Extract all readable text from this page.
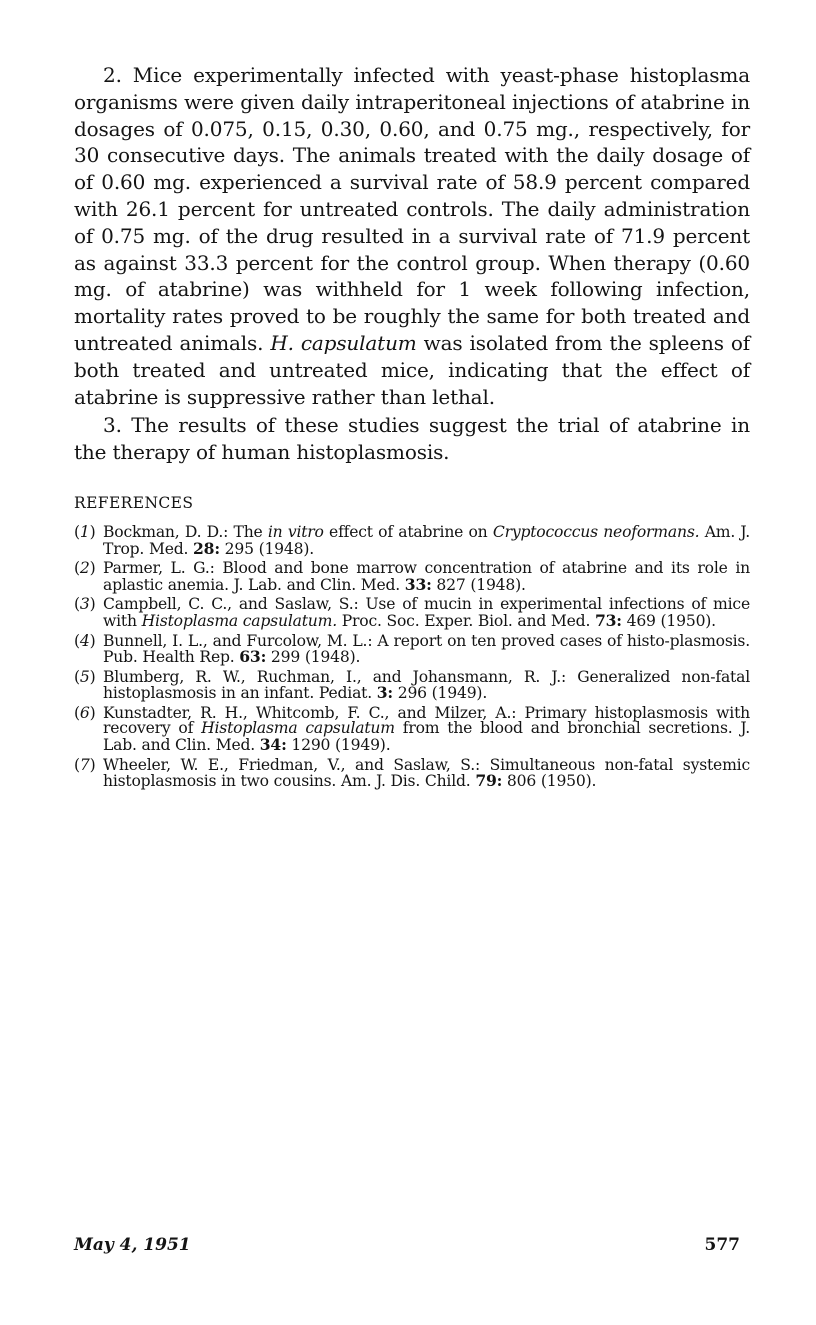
2. Mice experimentally infected with yeast-phase histoplasma organisms were given daily intraperitoneal injections of atabrine in dosages of 0.075, 0.15, 0.30, 0.60, and 0.75 mg., respectively, for 30 consecutive days. The animals treated with the daily dosage of of 0.60 mg. experienced a survival rate of 58.9 percent compared with 26.1 percent for untreated controls. The daily administration of 0.75 mg. of the drug resulted in a survival rate of 71.9 percent as against 33.3 percent for the control group. When therapy (0.60 mg. of atabrine) was withheld for 1 week following infection, mortality rates proved to be roughly the same for both treated and untreated animals. H. capsulatum was isolated from the spleens of both treated and untreated mice, indicating that the effect of atabrine is suppressive rather than lethal.

3. The results of these studies suggest the trial of atabrine in the therapy of human histoplasmosis.

REFERENCES

(1) Bockman, D. D.: The in vitro effect of atabrine on Cryptococcus neoformans. Am. J. Trop. Med. 28: 295 (1948).

(2) Parmer, L. G.: Blood and bone marrow concentration of atabrine and its role in aplastic anemia. J. Lab. and Clin. Med. 33: 827 (1948).

(3) Campbell, C. C., and Saslaw, S.: Use of mucin in experimental infections of mice with Histoplasma capsulatum. Proc. Soc. Exper. Biol. and Med. 73: 469 (1950).

(4) Bunnell, I. L., and Furcolow, M. L.: A report on ten proved cases of histo-plasmosis. Pub. Health Rep. 63: 299 (1948).

(5) Blumberg, R. W., Ruchman, I., and Johansmann, R. J.: Generalized non-fatal histoplasmosis in an infant. Pediat. 3: 296 (1949).

(6) Kunstadter, R. H., Whitcomb, F. C., and Milzer, A.: Primary histoplasmosis with recovery of Histoplasma capsulatum from the blood and bronchial secretions. J. Lab. and Clin. Med. 34: 1290 (1949).

(7) Wheeler, W. E., Friedman, V., and Saslaw, S.: Simultaneous non-fatal systemic histoplasmosis in two cousins. Am. J. Dis. Child. 79: 806 (1950).

May 4, 1951	577
